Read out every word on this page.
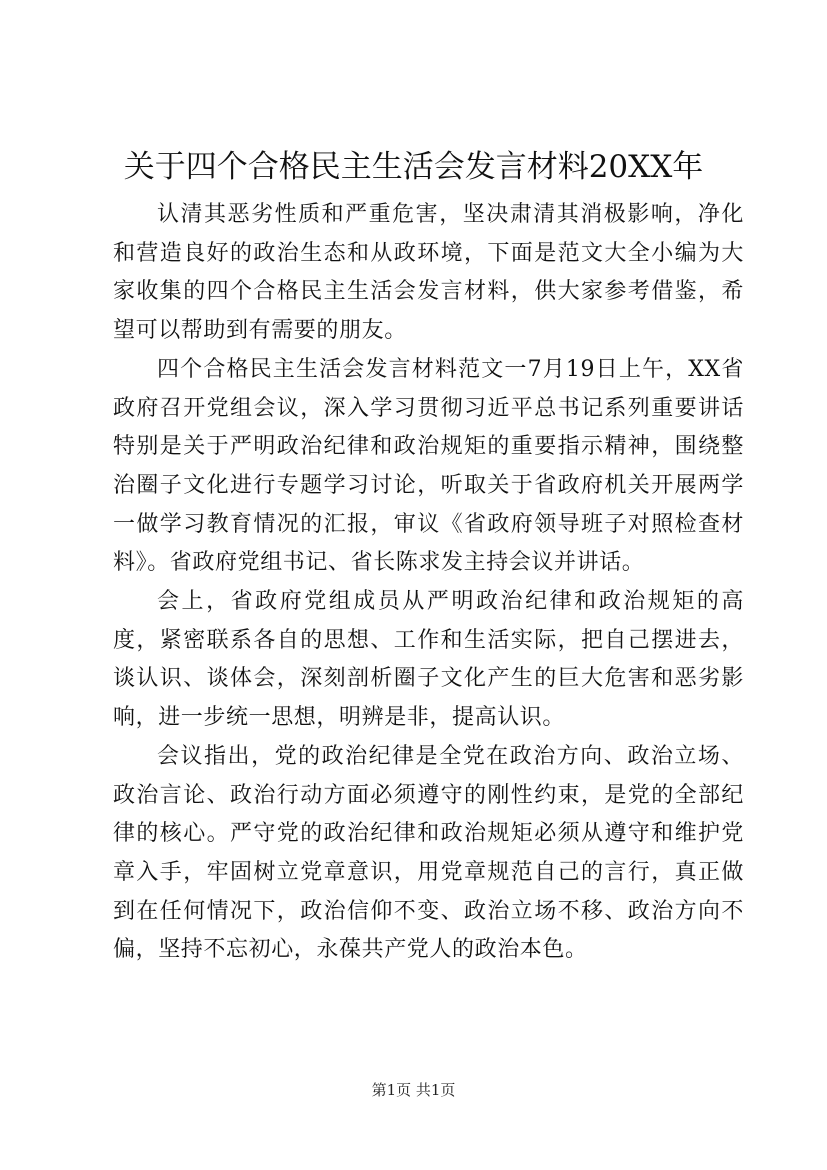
关于四个合格民主生活会发言材料20XX年

认清其恶劣性质和严重危害，坚决肃清其消极影响，净化和营造良好的政治生态和从政环境，下面是范文大全小编为大家收集的四个合格民主生活会发言材料，供大家参考借鉴，希望可以帮助到有需要的朋友。

四个合格民主生活会发言材料范文一7月19日上午，XX省政府召开党组会议，深入学习贯彻习近平总书记系列重要讲话特别是关于严明政治纪律和政治规矩的重要指示精神，围绕整治圈子文化进行专题学习讨论，听取关于省政府机关开展两学一做学习教育情况的汇报，审议《省政府领导班子对照检查材料》。省政府党组书记、省长陈求发主持会议并讲话。

会上，省政府党组成员从严明政治纪律和政治规矩的高度，紧密联系各自的思想、工作和生活实际，把自己摆进去，谈认识、谈体会，深刻剖析圈子文化产生的巨大危害和恶劣影响，进一步统一思想，明辨是非，提高认识。

会议指出，党的政治纪律是全党在政治方向、政治立场、政治言论、政治行动方面必须遵守的刚性约束，是党的全部纪律的核心。严守党的政治纪律和政治规矩必须从遵守和维护党章入手，牢固树立党章意识，用党章规范自己的言行，真正做到在任何情况下，政治信仰不变、政治立场不移、政治方向不偏，坚持不忘初心，永葆共产党人的政治本色。

第1页 共1页
